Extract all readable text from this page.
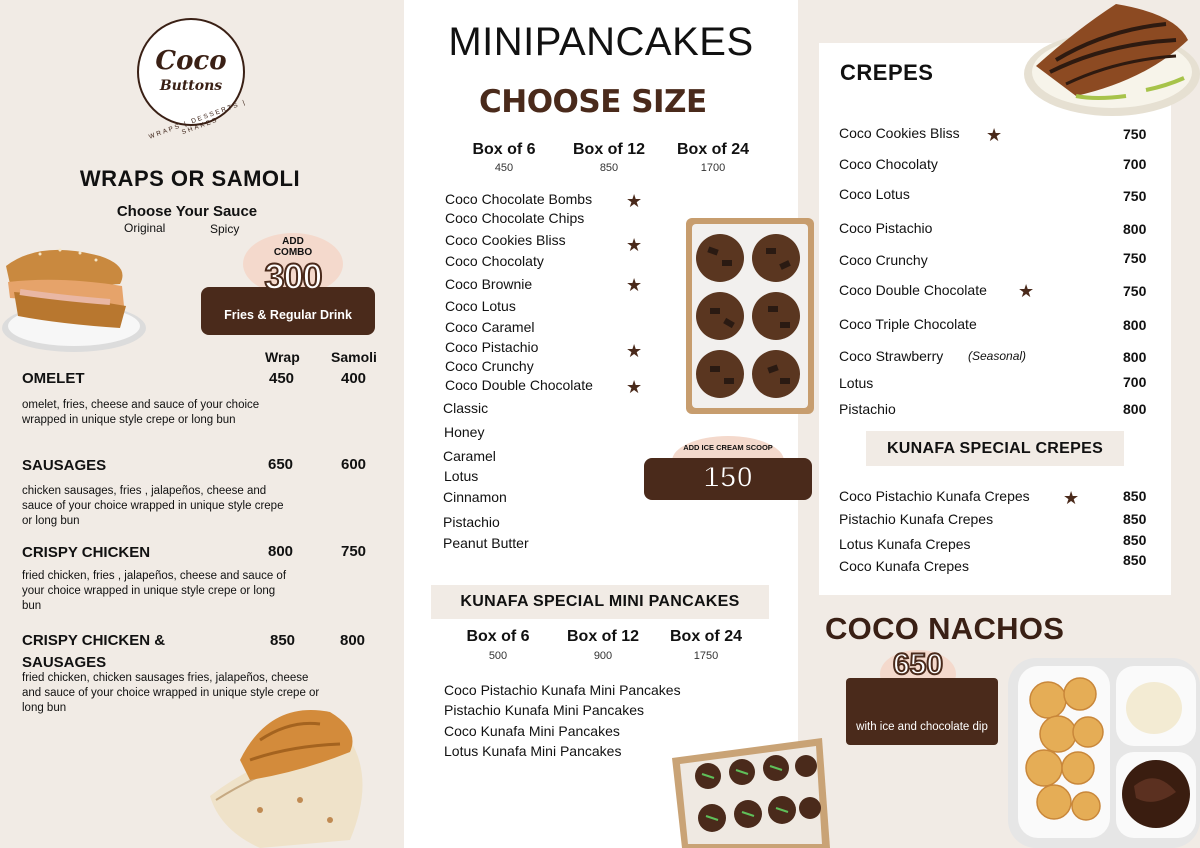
Coco
Buttons
WRAPS | DESSERTS | SHAKES
WRAPS OR SAMOLI
Choose Your Sauce
Original	Spicy
ADD
COMBO
Fries & Regular Drink
300
Wrap Samoli
OMELET	450	400
omelet, fries, cheese and sauce of your choice wrapped in unique style crepe or long bun
SAUSAGES	650	600
chicken sausages, fries , jalapeños, cheese and sauce of your choice wrapped in unique style crepe or long bun
CRISPY CHICKEN	800	750
fried chicken, fries , jalapeños, cheese and sauce of your choice wrapped in unique style crepe or long bun
CRISPY CHICKEN & SAUSAGES
850	800
fried chicken, chicken sausages fries, jalapeños, cheese and sauce of your choice wrapped in unique style crepe or long bun
MINIPANCAKES
CHOOSE SIZE
Box of 6
450
Box of 12
850
Box of 24
1700
Coco Chocolate Bombs ★
Coco Chocolate Chips
Coco Cookies Bliss	★
Coco Chocolaty
Coco Brownie	★
Coco Lotus
Coco Caramel
Coco Pistachio	★
Coco Crunchy
Coco Double Chocolate ★
Classic
Honey
Caramel
Lotus
Cinnamon
Pistachio
Peanut Butter
ADD ICE CREAM SCOOP
150
KUNAFA SPECIAL MINI PANCAKES
Box of 6
500
Box of 12
900
Box of 24
1750
Coco Pistachio Kunafa Mini Pancakes
Pistachio Kunafa Mini Pancakes
Coco Kunafa Mini Pancakes
Lotus Kunafa Mini Pancakes
CREPES
Coco Cookies Bliss ★	750
Coco Chocolaty	700
Coco Lotus	750
Coco Pistachio	800
Coco Crunchy	750
Coco Double Chocolate ★	750
Coco Triple Chocolate	800
Coco Strawberry (Seasonal)	800
Lotus	700
Pistachio	800
KUNAFA SPECIAL CREPES
Coco Pistachio Kunafa Crepes ★	850
Pistachio Kunafa Crepes	850
Lotus Kunafa Crepes	850
Coco Kunafa Crepes	850
COCO NACHOS
with ice and chocolate dip
650
